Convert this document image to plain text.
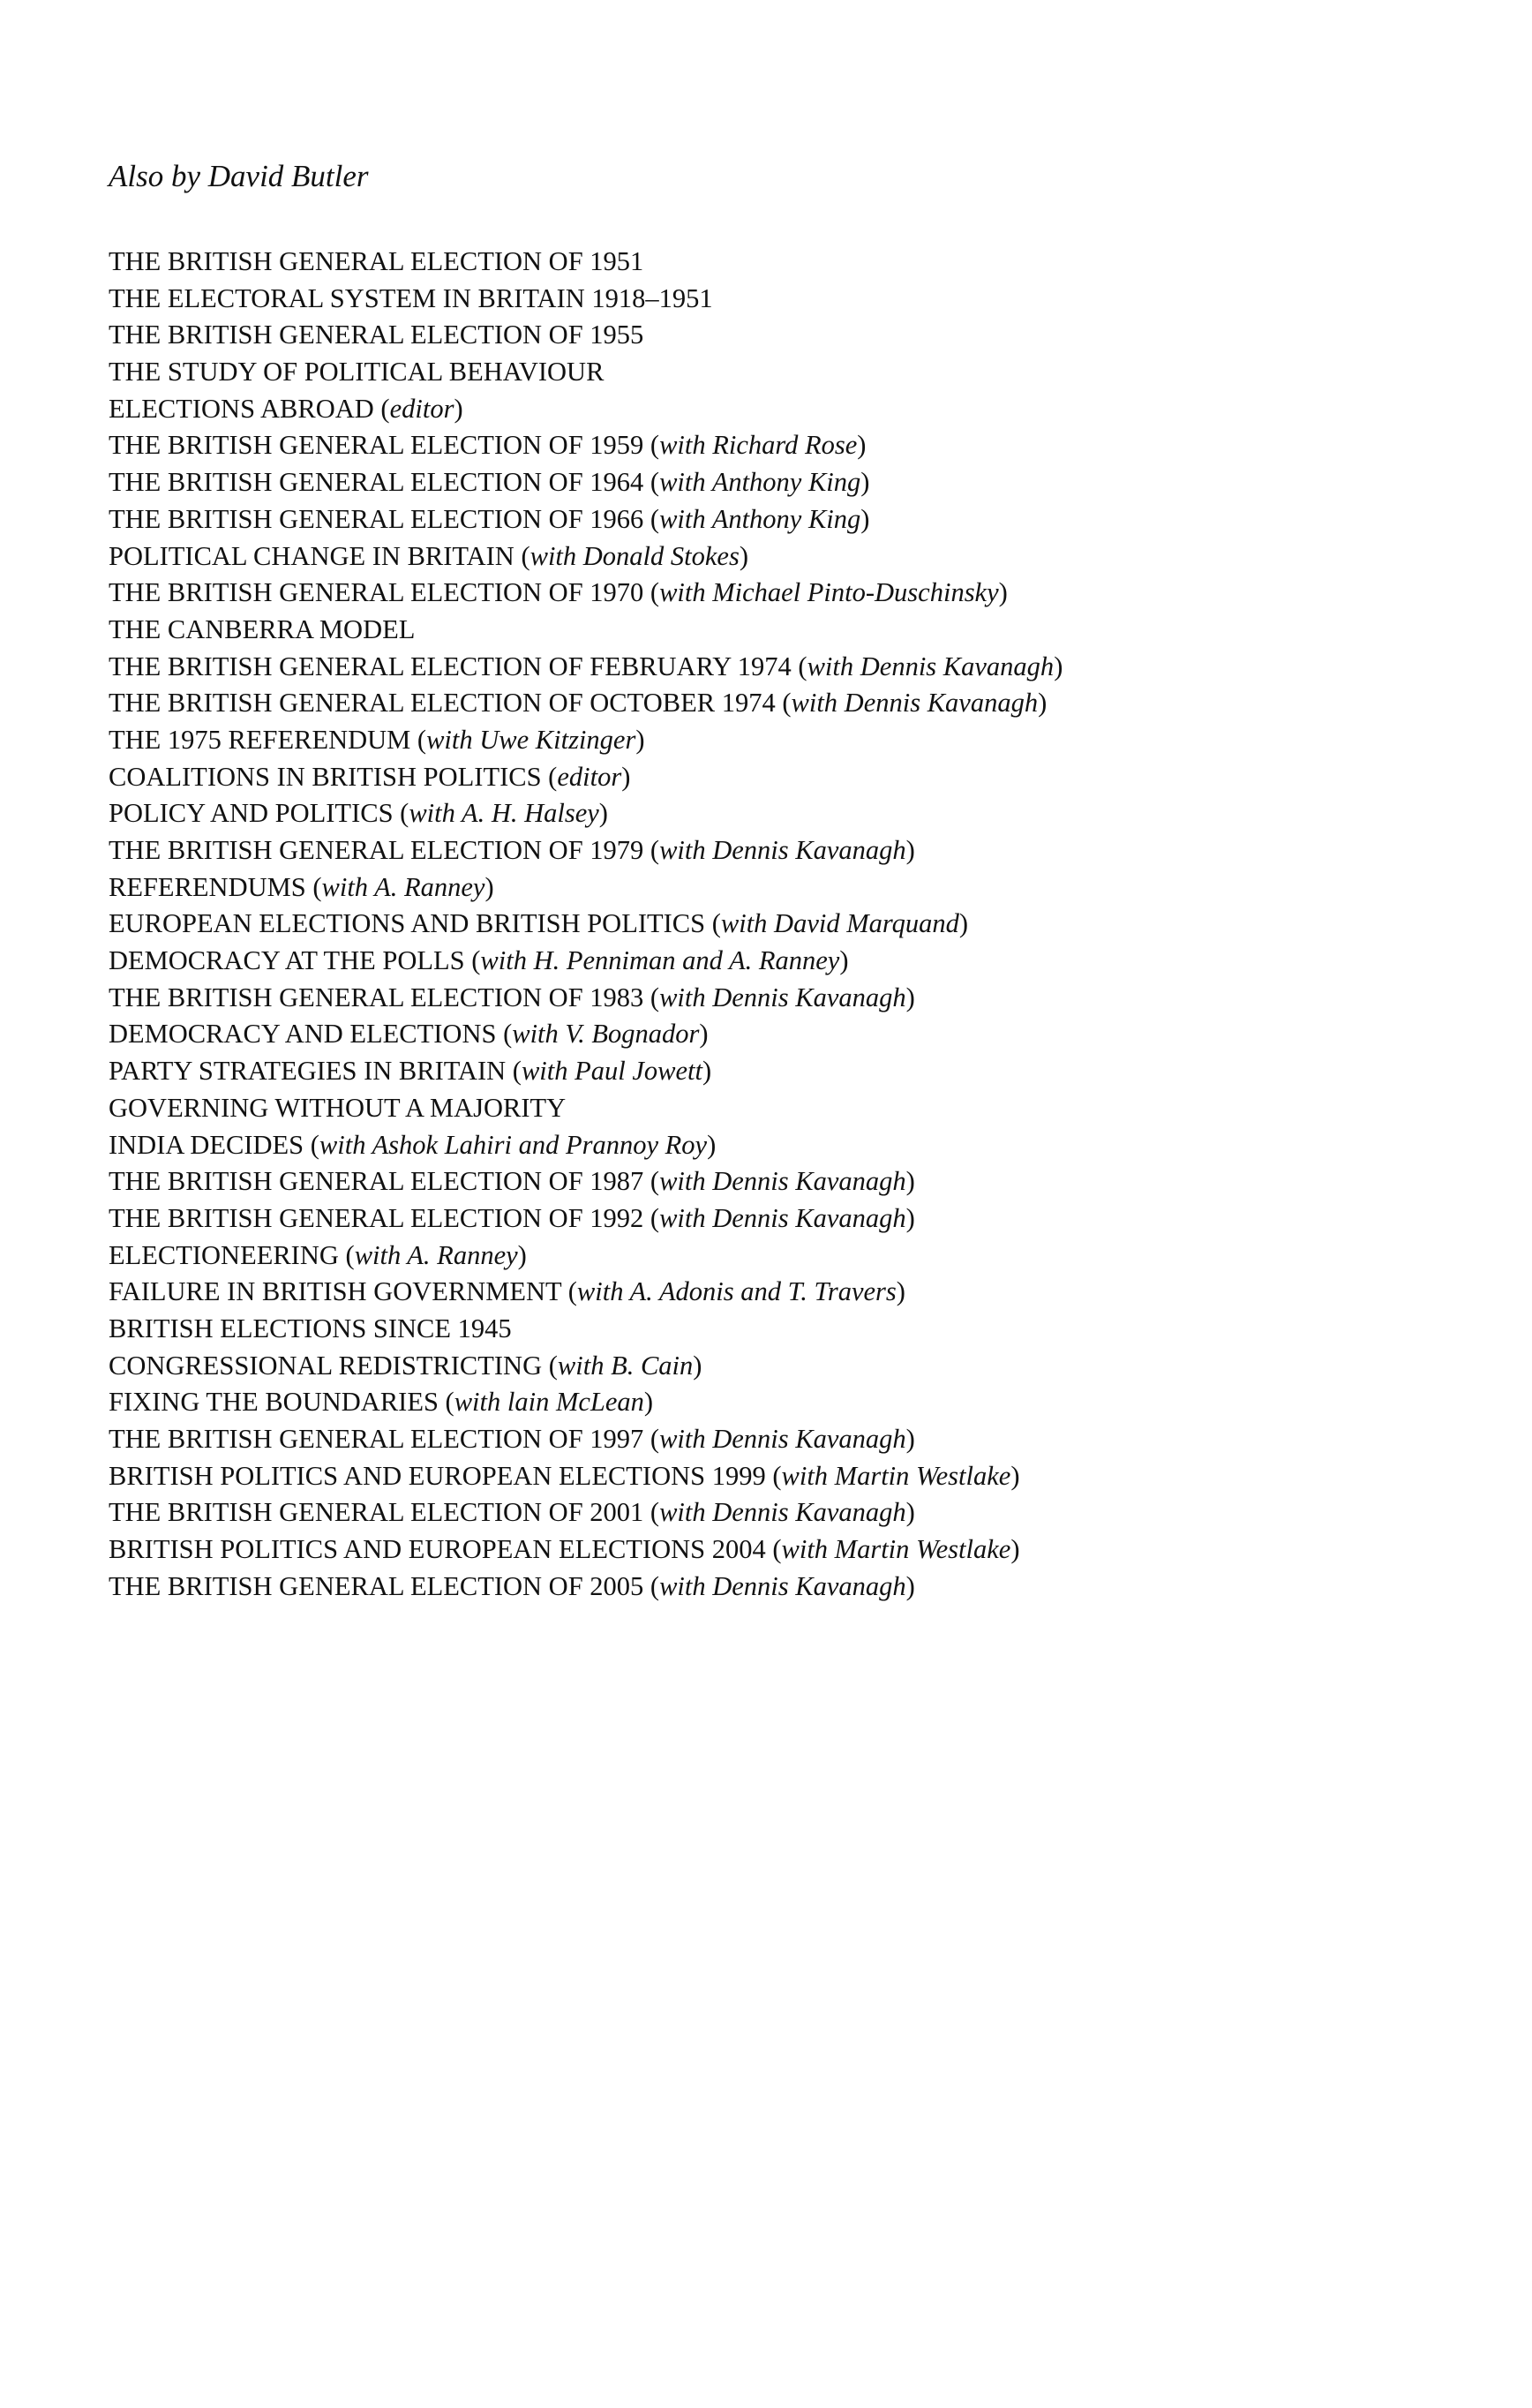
Also by David Butler
THE BRITISH GENERAL ELECTION OF 1951
THE ELECTORAL SYSTEM IN BRITAIN 1918–1951
THE BRITISH GENERAL ELECTION OF 1955
THE STUDY OF POLITICAL BEHAVIOUR
ELECTIONS ABROAD (editor)
THE BRITISH GENERAL ELECTION OF 1959 (with Richard Rose)
THE BRITISH GENERAL ELECTION OF 1964 (with Anthony King)
THE BRITISH GENERAL ELECTION OF 1966 (with Anthony King)
POLITICAL CHANGE IN BRITAIN (with Donald Stokes)
THE BRITISH GENERAL ELECTION OF 1970 (with Michael Pinto-Duschinsky)
THE CANBERRA MODEL
THE BRITISH GENERAL ELECTION OF FEBRUARY 1974 (with Dennis Kavanagh)
THE BRITISH GENERAL ELECTION OF OCTOBER 1974 (with Dennis Kavanagh)
THE 1975 REFERENDUM (with Uwe Kitzinger)
COALITIONS IN BRITISH POLITICS (editor)
POLICY AND POLITICS (with A. H. Halsey)
THE BRITISH GENERAL ELECTION OF 1979 (with Dennis Kavanagh)
REFERENDUMS (with A. Ranney)
EUROPEAN ELECTIONS AND BRITISH POLITICS (with David Marquand)
DEMOCRACY AT THE POLLS (with H. Penniman and A. Ranney)
THE BRITISH GENERAL ELECTION OF 1983 (with Dennis Kavanagh)
DEMOCRACY AND ELECTIONS (with V. Bognador)
PARTY STRATEGIES IN BRITAIN (with Paul Jowett)
GOVERNING WITHOUT A MAJORITY
INDIA DECIDES (with Ashok Lahiri and Prannoy Roy)
THE BRITISH GENERAL ELECTION OF 1987 (with Dennis Kavanagh)
THE BRITISH GENERAL ELECTION OF 1992 (with Dennis Kavanagh)
ELECTIONEERING (with A. Ranney)
FAILURE IN BRITISH GOVERNMENT (with A. Adonis and T. Travers)
BRITISH ELECTIONS SINCE 1945
CONGRESSIONAL REDISTRICTING (with B. Cain)
FIXING THE BOUNDARIES (with lain McLean)
THE BRITISH GENERAL ELECTION OF 1997 (with Dennis Kavanagh)
BRITISH POLITICS AND EUROPEAN ELECTIONS 1999 (with Martin Westlake)
THE BRITISH GENERAL ELECTION OF 2001 (with Dennis Kavanagh)
BRITISH POLITICS AND EUROPEAN ELECTIONS 2004 (with Martin Westlake)
THE BRITISH GENERAL ELECTION OF 2005 (with Dennis Kavanagh)
